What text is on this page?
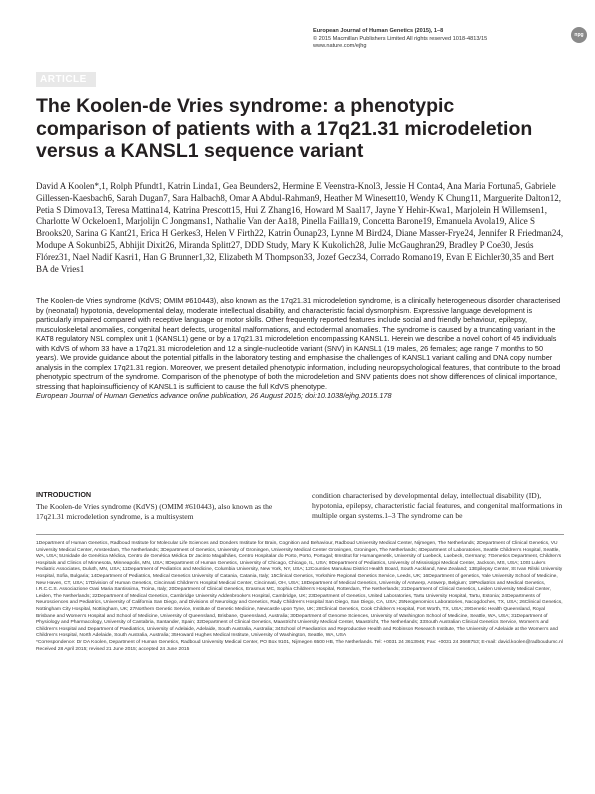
European Journal of Human Genetics (2015), 1–8
© 2015 Macmillan Publishers Limited All rights reserved 1018-4813/15
www.nature.com/ejhg
npg
ARTICLE
The Koolen-de Vries syndrome: a phenotypic comparison of patients with a 17q21.31 microdeletion versus a KANSL1 sequence variant
David A Koolen*,1, Rolph Pfundt1, Katrin Linda1, Gea Beunders2, Hermine E Veenstra-Knol3, Jessie H Conta4, Ana Maria Fortuna5, Gabriele Gillessen-Kaesbach6, Sarah Dugan7, Sara Halbach8, Omar A Abdul-Rahman9, Heather M Winesett10, Wendy K Chung11, Marguerite Dalton12, Petia S Dimova13, Teresa Mattina14, Katrina Prescott15, Hui Z Zhang16, Howard M Saal17, Jayne Y Hehir-Kwa1, Marjolein H Willemsen1, Charlotte W Ockeloen1, Marjolijn C Jongmans1, Nathalie Van der Aa18, Pinella Failla19, Concetta Barone19, Emanuela Avola19, Alice S Brooks20, Sarina G Kant21, Erica H Gerkes3, Helen V Firth22, Katrin Õunap23, Lynne M Bird24, Diane Masser-Frye24, Jennifer R Friedman24, Modupe A Sokunbi25, Abhijit Dixit26, Miranda Splitt27, DDD Study, Mary K Kukolich28, Julie McGaughran29, Bradley P Coe30, Jesús Flórez31, Nael Nadif Kasri1, Han G Brunner1,32, Elizabeth M Thompson33, Jozef Gecz34, Corrado Romano19, Evan E Eichler30,35 and Bert BA de Vries1
The Koolen-de Vries syndrome (KdVS; OMIM #610443), also known as the 17q21.31 microdeletion syndrome, is a clinically heterogeneous disorder characterised by (neonatal) hypotonia, developmental delay, moderate intellectual disability, and characteristic facial dysmorphism. Expressive language development is particularly impaired compared with receptive language or motor skills. Other frequently reported features include social and friendly behaviour, epilepsy, musculoskeletal anomalies, congenital heart defects, urogenital malformations, and ectodermal anomalies. The syndrome is caused by a truncating variant in the KAT8 regulatory NSL complex unit 1 (KANSL1) gene or by a 17q21.31 microdeletion encompassing KANSL1. Herein we describe a novel cohort of 45 individuals with KdVS of whom 33 have a 17q21.31 microdeletion and 12 a single-nucleotide variant (SNV) in KANSL1 (19 males, 26 females; age range 7 months to 50 years). We provide guidance about the potential pitfalls in the laboratory testing and emphasise the challenges of KANSL1 variant calling and DNA copy number analysis in the complex 17q21.31 region. Moreover, we present detailed phenotypic information, including neuropsychological features, that contribute to the broad phenotypic spectrum of the syndrome. Comparison of the phenotype of both the microdeletion and SNV patients does not show differences of clinical importance, stressing that haploinsufficiency of KANSL1 is sufficient to cause the full KdVS phenotype.
European Journal of Human Genetics advance online publication, 26 August 2015; doi:10.1038/ejhg.2015.178
INTRODUCTION
The Koolen-de Vries syndrome (KdVS) (OMIM #610443), also known as the 17q21.31 microdeletion syndrome, is a multisystem
condition characterised by developmental delay, intellectual disability (ID), hypotonia, epilepsy, characteristic facial features, and congenital malformations in multiple organ systems.1–3 The syndrome can be
1Department of Human Genetics, Radboud Institute for Molecular Life Sciences and Donders Institute for Brain, Cognition and Behaviour, Radboud University Medical Center, Nijmegen, The Netherlands; 2Department of Clinical Genetics, VU University Medical Center, Amsterdam, The Netherlands; 3Department of Genetics, University of Groningen, University Medical Center Groningen, Groningen, The Netherlands; 4Department of Laboratories, Seattle Children's Hospital, Seattle, WA, USA; 5Unidade de Genética Médica, Centro de Genética Médica Dr Jacinto Magalhães, Centro Hospitalar do Porto, Porto, Portugal; 6Institut für Humangenetik, University of Luebeck, Luebeck, Germany; 7Genetics Department, Children's Hospitals and Clinics of Minnesota, Minneapolis, MN, USA; 8Department of Human Genetics, University of Chicago, Chicago, IL, USA; 9Department of Pediatrics, University of Mississippi Medical Center, Jackson, MS, USA; 10St Luke's Pediatric Associates, Duluth, MN, USA; 11Department of Pediatrics and Medicine, Columbia University, New York, NY, USA; 12Counties Manukau District Health Board, South Auckland, New Zealand; 13Epilepsy Center, St Ivan Rilski University Hospital, Sofia, Bulgaria; 14Department of Pediatrics, Medical Genetics University of Catania, Catania, Italy; 15Clinical Genetics, Yorkshire Regional Genetics Service, Leeds, UK; 16Department of genetics, Yale University School of Medicine, New Haven, CT, USA; 17Division of Human Genetics, Cincinnati Children's Hospital Medical Center, Cincinnati, OH, USA; 18Department of Medical Genetics, University of Antwerp, Antwerp, Belgium; 19Pediatrics and Medical Genetics, I.R.C.C.S. Associazione Oasi Maria Santissima, Troina, Italy; 20Department of Clinical Genetics, Erasmus MC, Sophia Children's Hospital, Rotterdam, The Netherlands; 21Department of Clinical Genetics, Leiden University Medical Center, Leiden, The Netherlands; 22Department of Medical Genetics, Cambridge University Addenbrooke's Hospital, Cambridge, UK; 23Department of Genetics, United Laboratories, Tartu University Hospital, Tartu, Estonia; 24Departments of Neurosciences and Pediatrics, University of California San Diego, and Divisions of Neurology and Genetics, Rady Children's Hospital San Diego, San Diego, CA, USA; 25Neogenomics Laboratories, Nacogdoches, TX, USA; 26Clinical Genetics, Nottingham City Hospital, Nottingham, UK; 27Northern Genetic Service, Institute of Genetic Medicine, Newcastle upon Tyne, UK; 28Clinical Genetics, Cook Children's Hospital, Fort Worth, TX, USA; 29Genetic Health Queensland, Royal Brisbane and Women's Hospital and School of Medicine, University of Queensland, Brisbane, Queensland, Australia; 30Department of Genome Sciences, University of Washington School of Medicine, Seattle, WA, USA; 31Department of Physiology and Pharmacology, University of Cantabria, Santander, Spain; 32Department of Clinical Genetics, Maastricht University Medical Center, Maastricht, The Netherlands; 33South Australian Clinical Genetics Service, Women's and Children's Hospital and Department of Paediatrics, University of Adelaide, Adelaide, South Australia, Australia; 34School of Paediatrics and Reproductive Health and Robinson Research Institute, The University of Adelaide at the Women's and Children's Hospital, North Adelaide, South Australia, Australia; 35Howard Hughes Medical Institute, University of Washington, Seattle, WA, USA
*Correspondence: Dr DA Koolen, Department of Human Genetics, Radboud University Medical Center, PO Box 9101, Nijmegen 6500 HB, The Netherlands. Tel: +0031 24 3613946; Fax: +0031 24 3668753; E-mail: david.koolen@radboudumc.nl
Received 28 April 2015; revised 21 June 2015; accepted 24 June 2015
